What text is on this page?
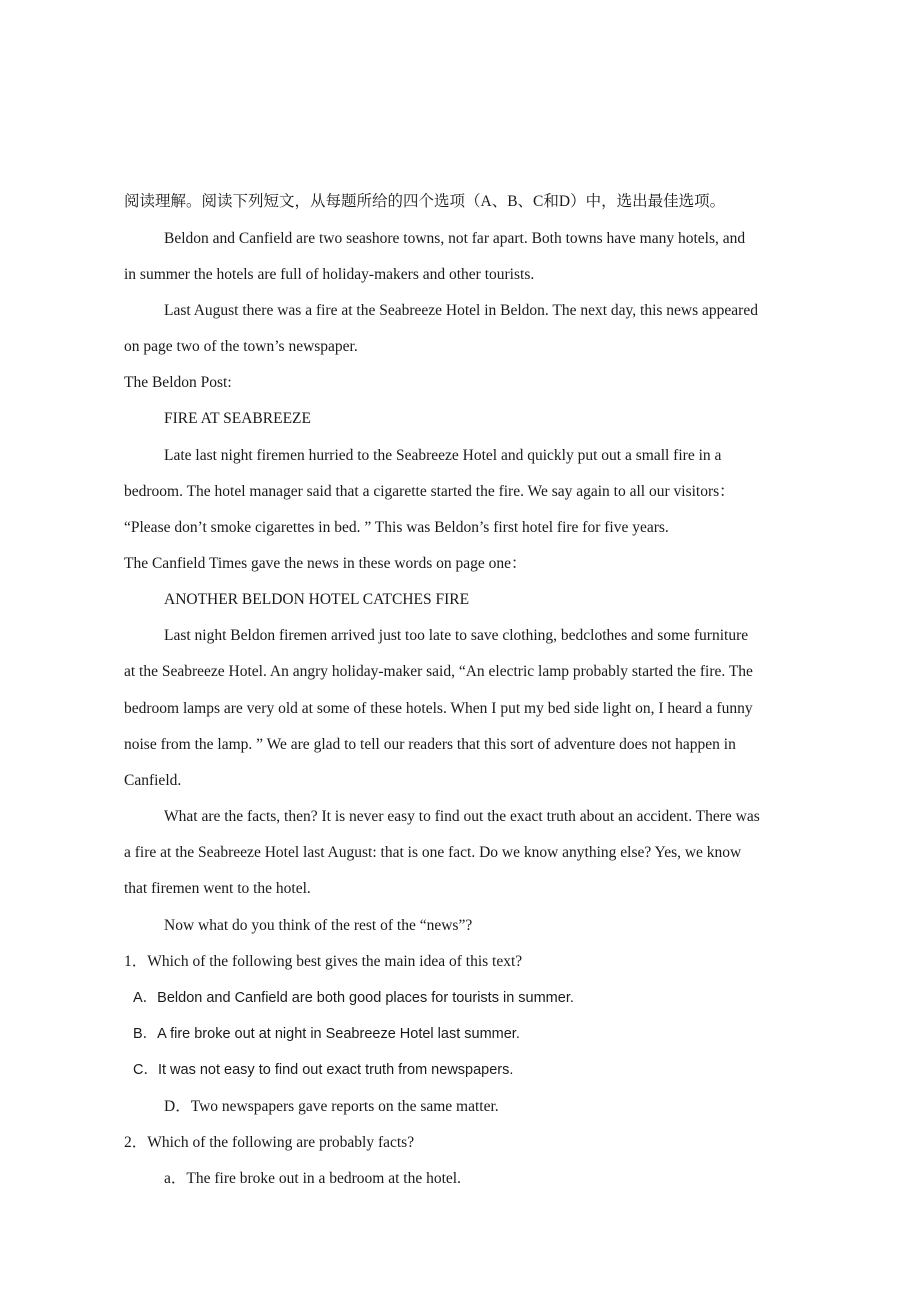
阅读理解。阅读下列短文，从每题所给的四个选项（A、B、C和D）中，选出最佳选项。
Beldon and Canfield are two seashore towns, not far apart. Both towns have many hotels, and
in summer the hotels are full of holiday-makers and other tourists.
Last August there was a fire at the Seabreeze Hotel in Beldon. The next day, this news appeared
on page two of the town’s newspaper.
The Beldon Post:
FIRE AT SEABREEZE
Late last night firemen hurried to the Seabreeze Hotel and quickly put out a small fire in a
bedroom. The hotel manager said that a cigarette started the fire. We say again to all our visitors：
“Please don’t smoke cigarettes in bed. ” This was Beldon’s first hotel fire for five years.
The Canfield Times gave the news in these words on page one：
ANOTHER BELDON HOTEL CATCHES FIRE
Last night Beldon firemen arrived just too late to save clothing, bedclothes and some furniture
at the Seabreeze Hotel. An angry holiday-maker said, “An electric lamp probably started the fire. The
bedroom lamps are very old at some of these hotels. When I put my bed side light on, I heard a funny
noise from the lamp. ” We are glad to tell our readers that this sort of adventure does not happen in
Canfield.
What are the facts, then? It is never easy to find out the exact truth about an accident. There was
a fire at the Seabreeze Hotel last August: that is one fact. Do we know anything else? Yes, we know
that firemen went to the hotel.
Now what do you think of the rest of the “news”?
1．Which of the following best gives the main idea of this text?
A．Beldon and Canfield are both good places for tourists in summer.
B．A fire broke out at night in Seabreeze Hotel last summer.
C．It was not easy to find out exact truth from newspapers.
D．Two newspapers gave reports on the same matter.
2．Which of the following are probably facts?
a．The fire broke out in a bedroom at the hotel.
